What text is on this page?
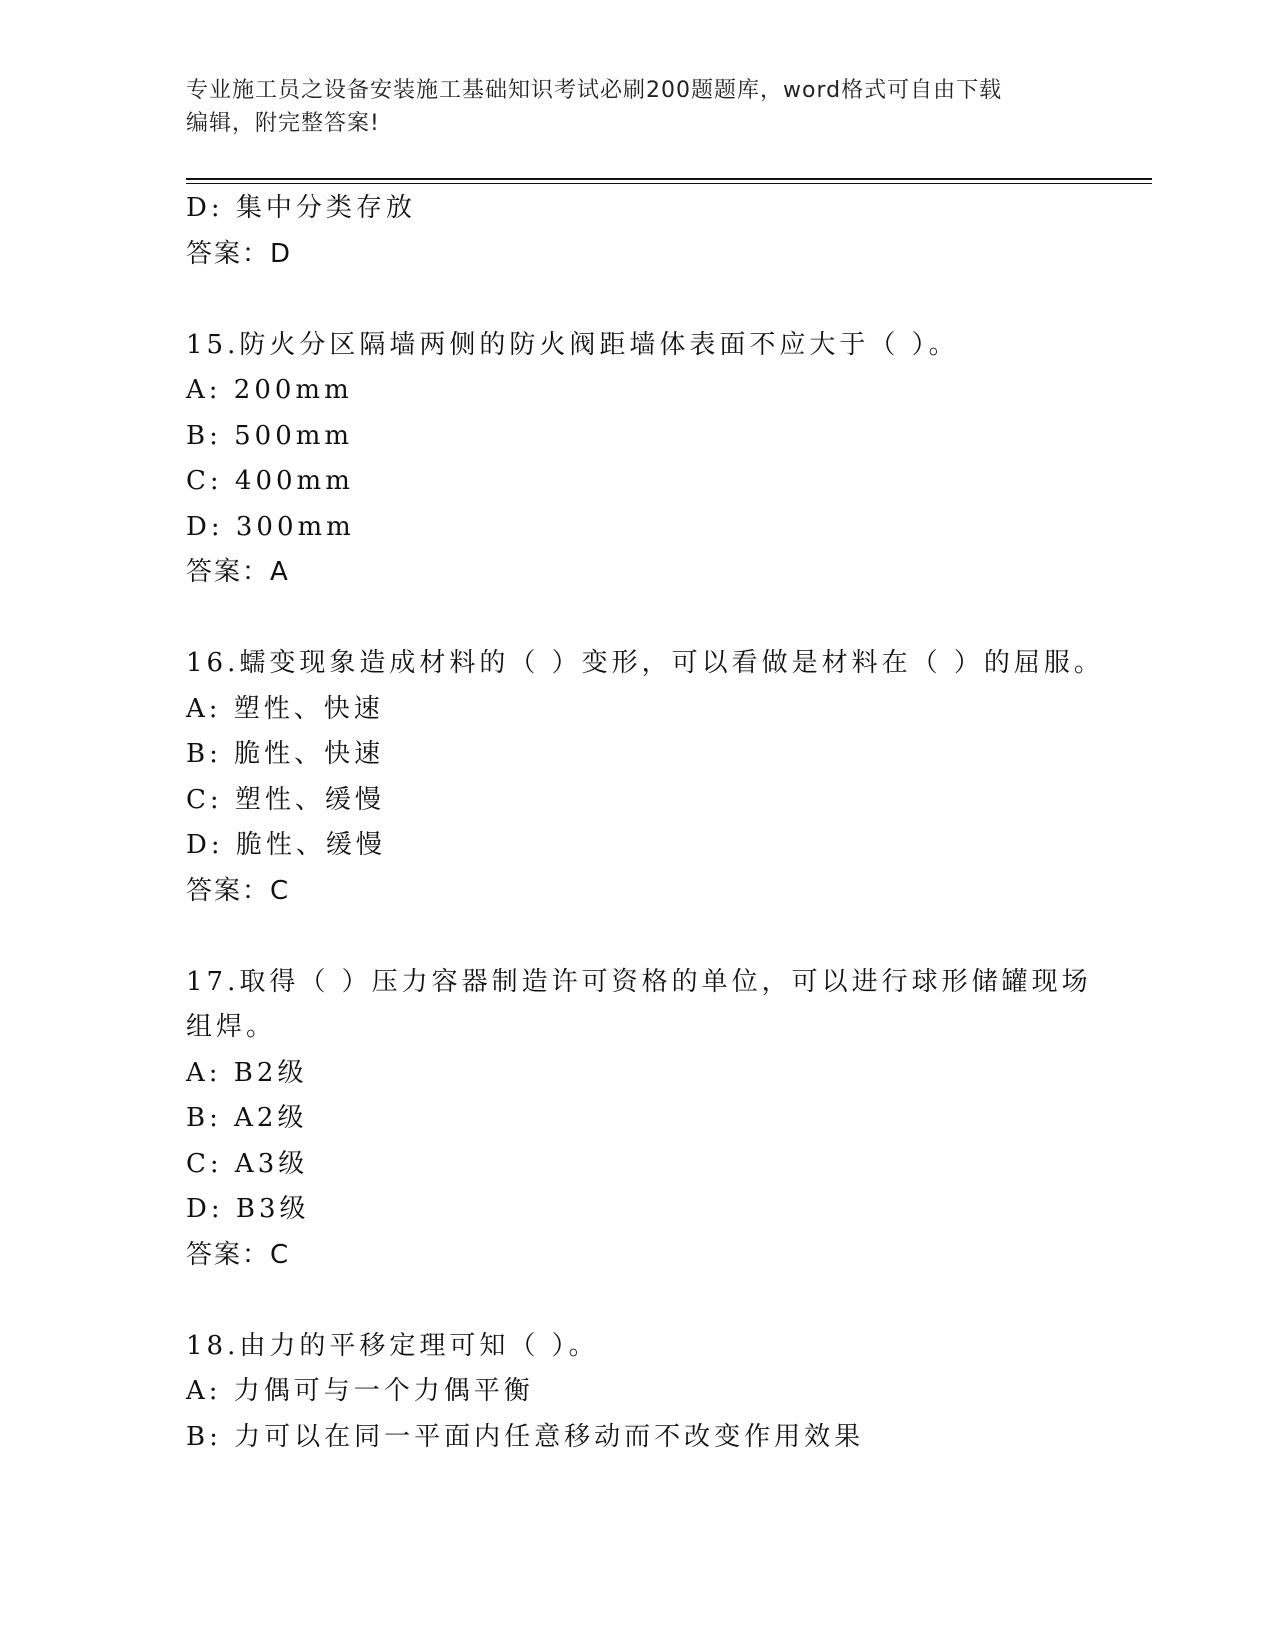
专业施工员之设备安装施工基础知识考试必刷200题题库，word格式可自由下载
编辑，附完整答案!
D: 集中分类存放
答案：D
15.防火分区隔墙两侧的防火阀距墙体表面不应大于（ ）。
A: 200mm
B: 500mm
C: 400mm
D: 300mm
答案：A
16.蠕变现象造成材料的（ ）变形，可以看做是材料在（ ）的屈服。
A: 塑性、快速
B: 脆性、快速
C: 塑性、缓慢
D: 脆性、缓慢
答案：C
17.取得（ ）压力容器制造许可资格的单位，可以进行球形储罐现场
组焊。
A: B2级
B: A2级
C: A3级
D: B3级
答案：C
18.由力的平移定理可知（ ）。
A: 力偶可与一个力偶平衡
B: 力可以在同一平面内任意移动而不改变作用效果
